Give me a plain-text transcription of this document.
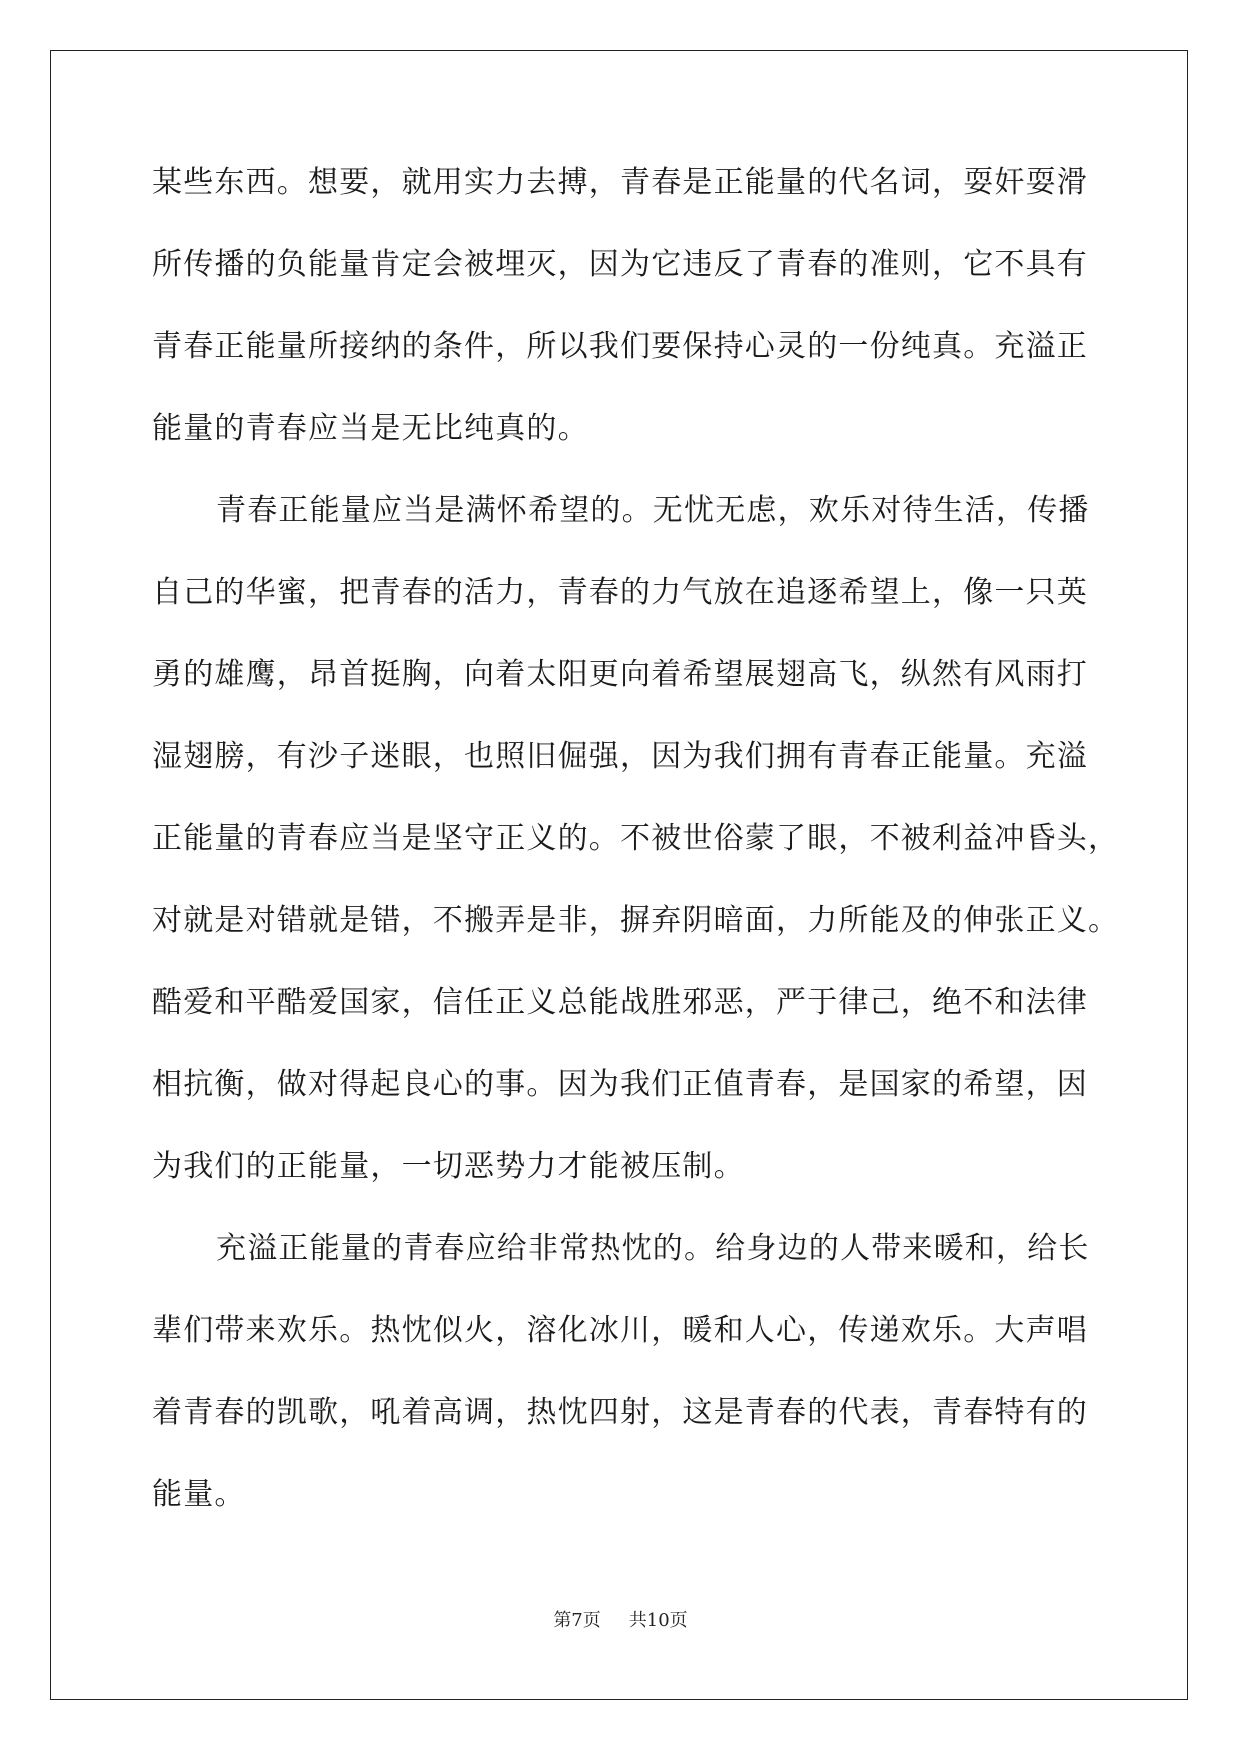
某些东西。想要，就用实力去搏，青春是正能量的代名词，耍奸耍滑
所传播的负能量肯定会被埋灭，因为它违反了青春的准则，它不具有
青春正能量所接纳的条件，所以我们要保持心灵的一份纯真。充溢正
能量的青春应当是无比纯真的。
青春正能量应当是满怀希望的。无忧无虑，欢乐对待生活，传播
自己的华蜜，把青春的活力，青春的力气放在追逐希望上，像一只英
勇的雄鹰，昂首挺胸，向着太阳更向着希望展翅高飞，纵然有风雨打
湿翅膀，有沙子迷眼，也照旧倔强，因为我们拥有青春正能量。充溢
正能量的青春应当是坚守正义的。不被世俗蒙了眼，不被利益冲昏头，
对就是对错就是错，不搬弄是非，摒弃阴暗面，力所能及的伸张正义。
酷爱和平酷爱国家，信任正义总能战胜邪恶，严于律己，绝不和法律
相抗衡，做对得起良心的事。因为我们正值青春，是国家的希望，因
为我们的正能量，一切恶势力才能被压制。
充溢正能量的青春应给非常热忱的。给身边的人带来暖和，给长
辈们带来欢乐。热忱似火，溶化冰川，暖和人心，传递欢乐。大声唱
着青春的凯歌，吼着高调，热忱四射，这是青春的代表，青春特有的
能量。
第7页 共10页
